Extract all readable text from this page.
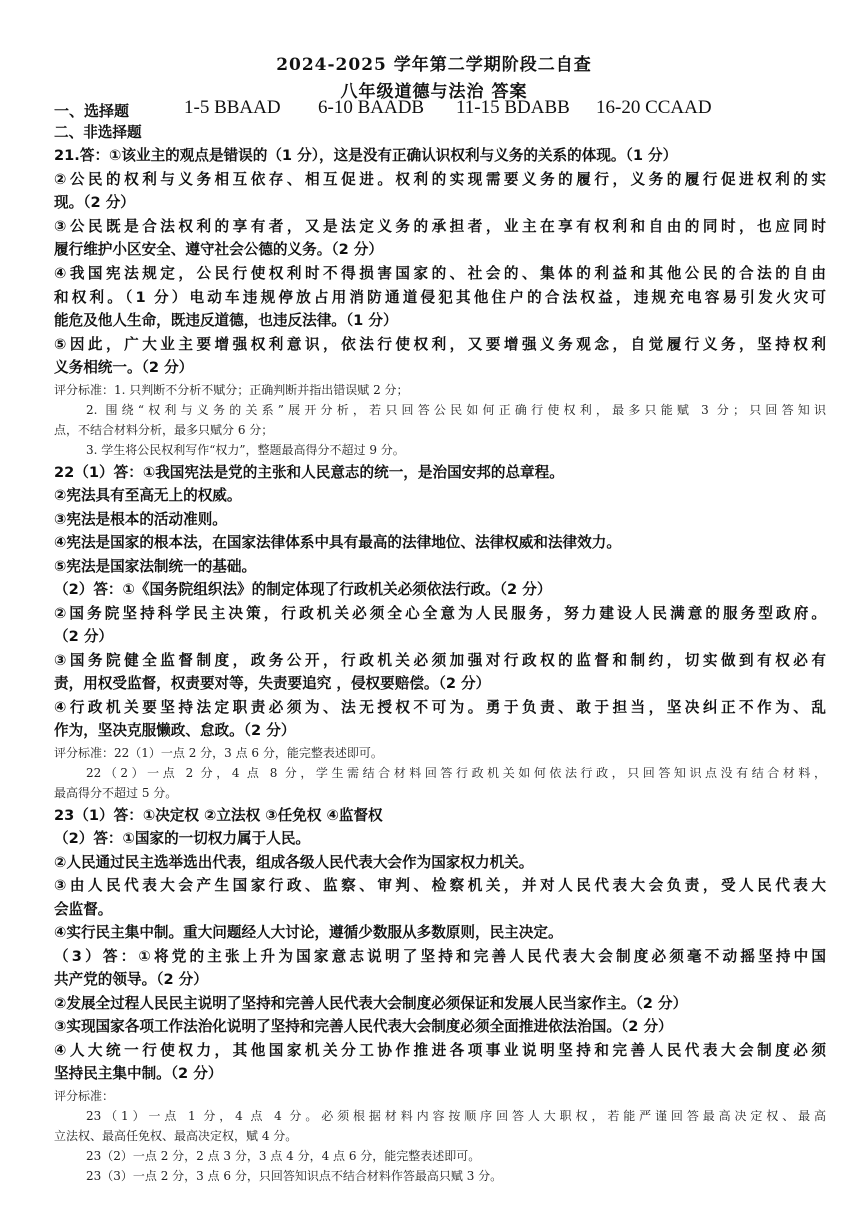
2024-2025 学年第二学期阶段二自查
八年级道德与法治 答案
一、选择题	1-5 BBAAD 6-10 BAADB 11-15 BDABB 16-20 CCAAD
二、非选择题
21.答：①该业主的观点是错误的（1 分），这是没有正确认识权利与义务的关系的体现。（1 分）
②公民的权利与义务相互依存、相互促进。权利的实现需要义务的履行，义务的履行促进权利的实
现。（2 分）
③公民既是合法权利的享有者，又是法定义务的承担者，业主在享有权利和自由的同时，也应同时
履行维护小区安全、遵守社会公德的义务。（2 分）
④我国宪法规定，公民行使权利时不得损害国家的、社会的、集体的利益和其他公民的合法的自由
和权利。（1 分）电动车违规停放占用消防通道侵犯其他住户的合法权益，违规充电容易引发火灾可
能危及他人生命，既违反道德，也违反法律。（1 分）
⑤因此，广大业主要增强权利意识，依法行使权利，又要增强义务观念，自觉履行义务，坚持权利
义务相统一。（2 分）
评分标准：1. 只判断不分析不赋分；正确判断并指出错误赋 2 分；
2. 围绕“权利与义务的关系”展开分析，若只回答公民如何正确行使权利，最多只能赋 3 分；只回答知识
点，不结合材料分析，最多只赋分 6 分；
3. 学生将公民权利写作“权力”，整题最高得分不超过 9 分。
22（1）答：①我国宪法是党的主张和人民意志的统一，是治国安邦的总章程。
②宪法具有至高无上的权威。
③宪法是根本的活动准则。
④宪法是国家的根本法，在国家法律体系中具有最高的法律地位、法律权威和法律效力。
⑤宪法是国家法制统一的基础。
（2）答：①《国务院组织法》的制定体现了行政机关必须依法行政。（2 分）
②国务院坚持科学民主决策，行政机关必须全心全意为人民服务，努力建设人民满意的服务型政府。
（2 分）
③国务院健全监督制度，政务公开，行政机关必须加强对行政权的监督和制约，切实做到有权必有
责，用权受监督，权责要对等，失责要追究 ，侵权要赔偿。（2 分）
④行政机关要坚持法定职责必须为、法无授权不可为。勇于负责、敢于担当，坚决纠正不作为、乱
作为，坚决克服懒政、怠政。（2 分）
评分标准：22（1）一点 2 分，3 点 6 分，能完整表述即可。
22（2）一点 2 分，4 点 8 分，学生需结合材料回答行政机关如何依法行政，只回答知识点没有结合材料，
最高得分不超过 5 分。
23（1）答：①决定权 ②立法权 ③任免权 ④监督权
（2）答：①国家的一切权力属于人民。
②人民通过民主选举选出代表，组成各级人民代表大会作为国家权力机关。
③由人民代表大会产生国家行政、监察、审判、检察机关，并对人民代表大会负责，受人民代表大
会监督。
④实行民主集中制。重大问题经人大讨论，遵循少数服从多数原则，民主决定。
（3）答：①将党的主张上升为国家意志说明了坚持和完善人民代表大会制度必须毫不动摇坚持中国
共产党的领导。（2 分）
②发展全过程人民民主说明了坚持和完善人民代表大会制度必须保证和发展人民当家作主。（2 分）
③实现国家各项工作法治化说明了坚持和完善人民代表大会制度必须全面推进依法治国。（2 分）
④人大统一行使权力，其他国家机关分工协作推进各项事业说明坚持和完善人民代表大会制度必须
坚持民主集中制。（2 分）
评分标准：
23（1）一点 1 分，4 点 4 分。必须根据材料内容按顺序回答人大职权，若能严谨回答最高决定权、最高
立法权、最高任免权、最高决定权，赋 4 分。
23（2）一点 2 分，2 点 3 分，3 点 4 分，4 点 6 分，能完整表述即可。
23（3）一点 2 分，3 点 6 分，只回答知识点不结合材料作答最高只赋 3 分。
